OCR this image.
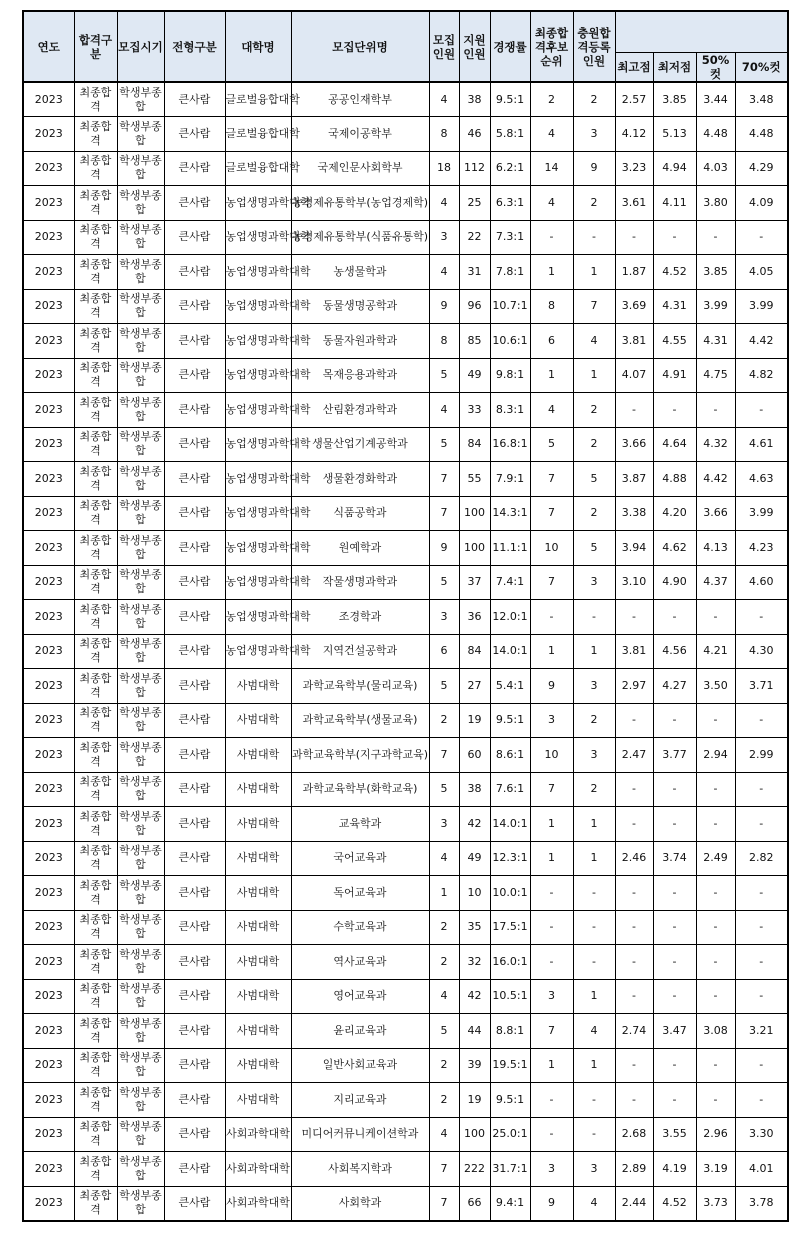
연도	합격구분	모집시기	전형구분	대학명	모집단위명	모집인원	지원인원	경쟁률	최종합격후보순위	충원합격등록인원				
											최고점	최저점	50%컷	70%컷
2023	최종합격	학생부종합	큰사람	글로벌융합대학	공공인재학부	4	38	9.5:1	2	2	2.57	3.85	3.44	3.48
2023	최종합격	학생부종합	큰사람	글로벌융합대학	국제이공학부	8	46	5.8:1	4	3	4.12	5.13	4.48	4.48
2023	최종합격	학생부종합	큰사람	글로벌융합대학	국제인문사회학부	18	112	6.2:1	14	9	3.23	4.94	4.03	4.29
2023	최종합격	학생부종합	큰사람	농업생명과학대학	농경제유통학부(농업경제학)	4	25	6.3:1	4	2	3.61	4.11	3.80	4.09
2023	최종합격	학생부종합	큰사람	농업생명과학대학	농경제유통학부(식품유통학)	3	22	7.3:1	-	-	-	-	-	-
2023	최종합격	학생부종합	큰사람	농업생명과학대학	농생물학과	4	31	7.8:1	1	1	1.87	4.52	3.85	4.05
2023	최종합격	학생부종합	큰사람	농업생명과학대학	동물생명공학과	9	96	10.7:1	8	7	3.69	4.31	3.99	3.99
2023	최종합격	학생부종합	큰사람	농업생명과학대학	동물자원과학과	8	85	10.6:1	6	4	3.81	4.55	4.31	4.42
2023	최종합격	학생부종합	큰사람	농업생명과학대학	목재응용과학과	5	49	9.8:1	1	1	4.07	4.91	4.75	4.82
2023	최종합격	학생부종합	큰사람	농업생명과학대학	산림환경과학과	4	33	8.3:1	4	2	-	-	-	-
2023	최종합격	학생부종합	큰사람	농업생명과학대학	생물산업기계공학과	5	84	16.8:1	5	2	3.66	4.64	4.32	4.61
2023	최종합격	학생부종합	큰사람	농업생명과학대학	생물환경화학과	7	55	7.9:1	7	5	3.87	4.88	4.42	4.63
2023	최종합격	학생부종합	큰사람	농업생명과학대학	식품공학과	7	100	14.3:1	7	2	3.38	4.20	3.66	3.99
2023	최종합격	학생부종합	큰사람	농업생명과학대학	원예학과	9	100	11.1:1	10	5	3.94	4.62	4.13	4.23
2023	최종합격	학생부종합	큰사람	농업생명과학대학	작물생명과학과	5	37	7.4:1	7	3	3.10	4.90	4.37	4.60
2023	최종합격	학생부종합	큰사람	농업생명과학대학	조경학과	3	36	12.0:1	-	-	-	-	-	-
2023	최종합격	학생부종합	큰사람	농업생명과학대학	지역건설공학과	6	84	14.0:1	1	1	3.81	4.56	4.21	4.30
2023	최종합격	학생부종합	큰사람	사범대학	과학교육학부(물리교육)	5	27	5.4:1	9	3	2.97	4.27	3.50	3.71
2023	최종합격	학생부종합	큰사람	사범대학	과학교육학부(생물교육)	2	19	9.5:1	3	2	-	-	-	-
2023	최종합격	학생부종합	큰사람	사범대학	과학교육학부(지구과학교육)	7	60	8.6:1	10	3	2.47	3.77	2.94	2.99
2023	최종합격	학생부종합	큰사람	사범대학	과학교육학부(화학교육)	5	38	7.6:1	7	2	-	-	-	-
2023	최종합격	학생부종합	큰사람	사범대학	교육학과	3	42	14.0:1	1	1	-	-	-	-
2023	최종합격	학생부종합	큰사람	사범대학	국어교육과	4	49	12.3:1	1	1	2.46	3.74	2.49	2.82
2023	최종합격	학생부종합	큰사람	사범대학	독어교육과	1	10	10.0:1	-	-	-	-	-	-
2023	최종합격	학생부종합	큰사람	사범대학	수학교육과	2	35	17.5:1	-	-	-	-	-	-
2023	최종합격	학생부종합	큰사람	사범대학	역사교육과	2	32	16.0:1	-	-	-	-	-	-
2023	최종합격	학생부종합	큰사람	사범대학	영어교육과	4	42	10.5:1	3	1	-	-	-	-
2023	최종합격	학생부종합	큰사람	사범대학	윤리교육과	5	44	8.8:1	7	4	2.74	3.47	3.08	3.21
2023	최종합격	학생부종합	큰사람	사범대학	일반사회교육과	2	39	19.5:1	1	1	-	-	-	-
2023	최종합격	학생부종합	큰사람	사범대학	지리교육과	2	19	9.5:1	-	-	-	-	-	-
2023	최종합격	학생부종합	큰사람	사회과학대학	미디어커뮤니케이션학과	4	100	25.0:1	-	-	2.68	3.55	2.96	3.30
2023	최종합격	학생부종합	큰사람	사회과학대학	사회복지학과	7	222	31.7:1	3	3	2.89	4.19	3.19	4.01
2023	최종합격	학생부종합	큰사람	사회과학대학	사회학과	7	66	9.4:1	9	4	2.44	4.52	3.73	3.78
